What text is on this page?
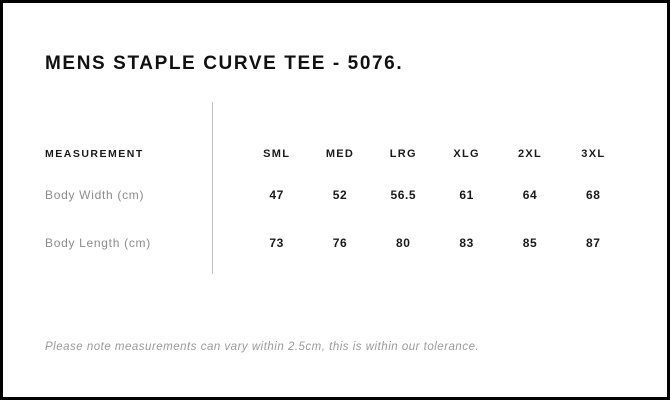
MENS STAPLE CURVE TEE - 5076.
MEASUREMENT	SML	MED	LRG	XLG	2XL	3XL
Body Width (cm)	47	52	56.5	61	64	68
Body Length (cm)	73	76	80	83	85	87
Please note measurements can vary within 2.5cm, this is within our tolerance.
